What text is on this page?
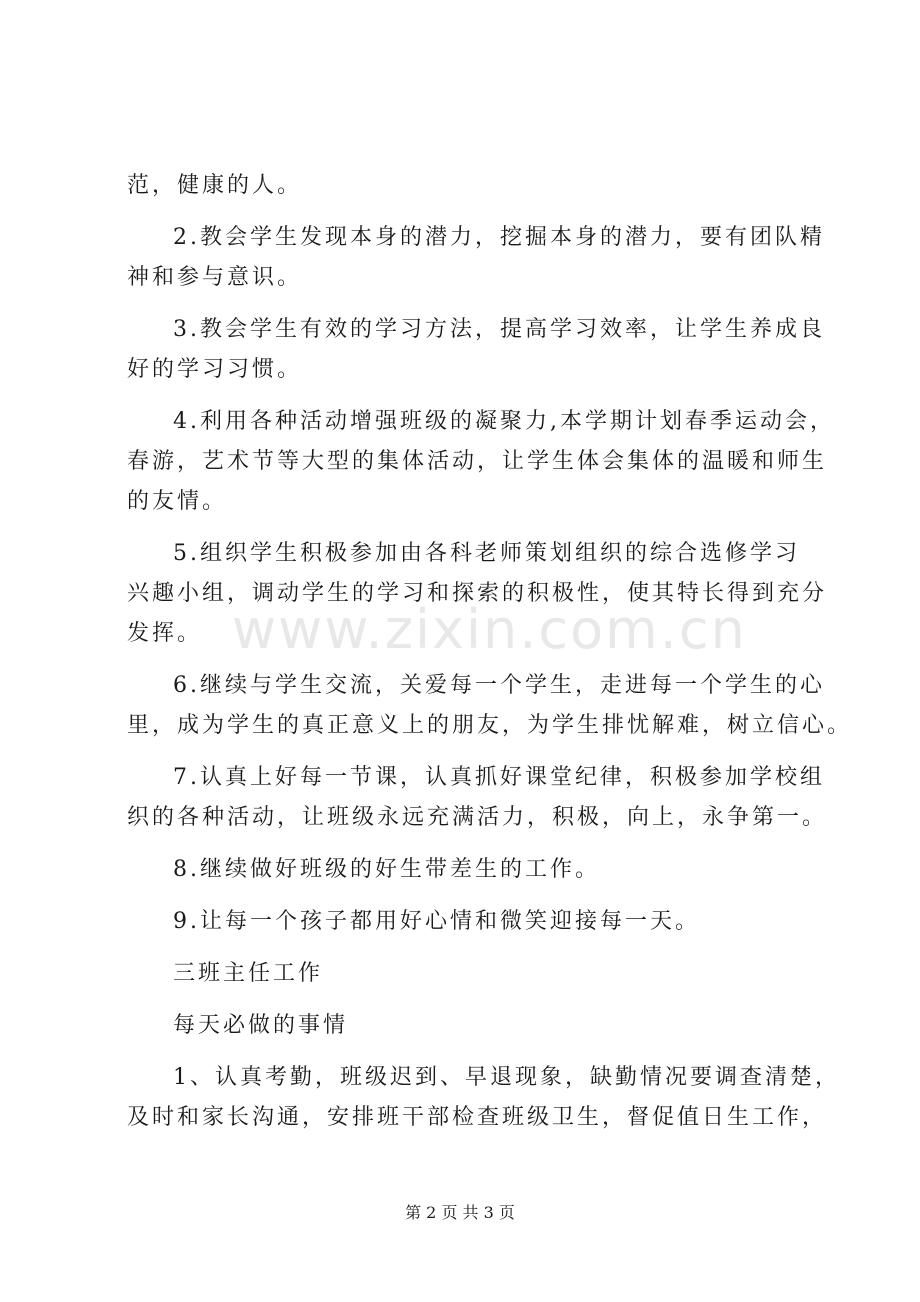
范，健康的人。
2.教会学生发现本身的潜力，挖掘本身的潜力，要有团队精
神和参与意识。
3.教会学生有效的学习方法，提高学习效率，让学生养成良
好的学习习惯。
4.利用各种活动增强班级的凝聚力,本学期计划春季运动会，
春游，艺术节等大型的集体活动，让学生体会集体的温暖和师生
的友情。
5.组织学生积极参加由各科老师策划组织的综合选修学习
兴趣小组，调动学生的学习和探索的积极性，使其特长得到充分
发挥。
6.继续与学生交流，关爱每一个学生，走进每一个学生的心
里，成为学生的真正意义上的朋友，为学生排忧解难，树立信心。
7.认真上好每一节课，认真抓好课堂纪律，积极参加学校组
织的各种活动，让班级永远充满活力，积极，向上，永争第一。
8.继续做好班级的好生带差生的工作。
9.让每一个孩子都用好心情和微笑迎接每一天。
三班主任工作
每天必做的事情
1、认真考勤，班级迟到、早退现象，缺勤情况要调查清楚，
及时和家长沟通，安排班干部检查班级卫生，督促值日生工作，
www.zixin.com.cn
第 2 页 共 3 页
